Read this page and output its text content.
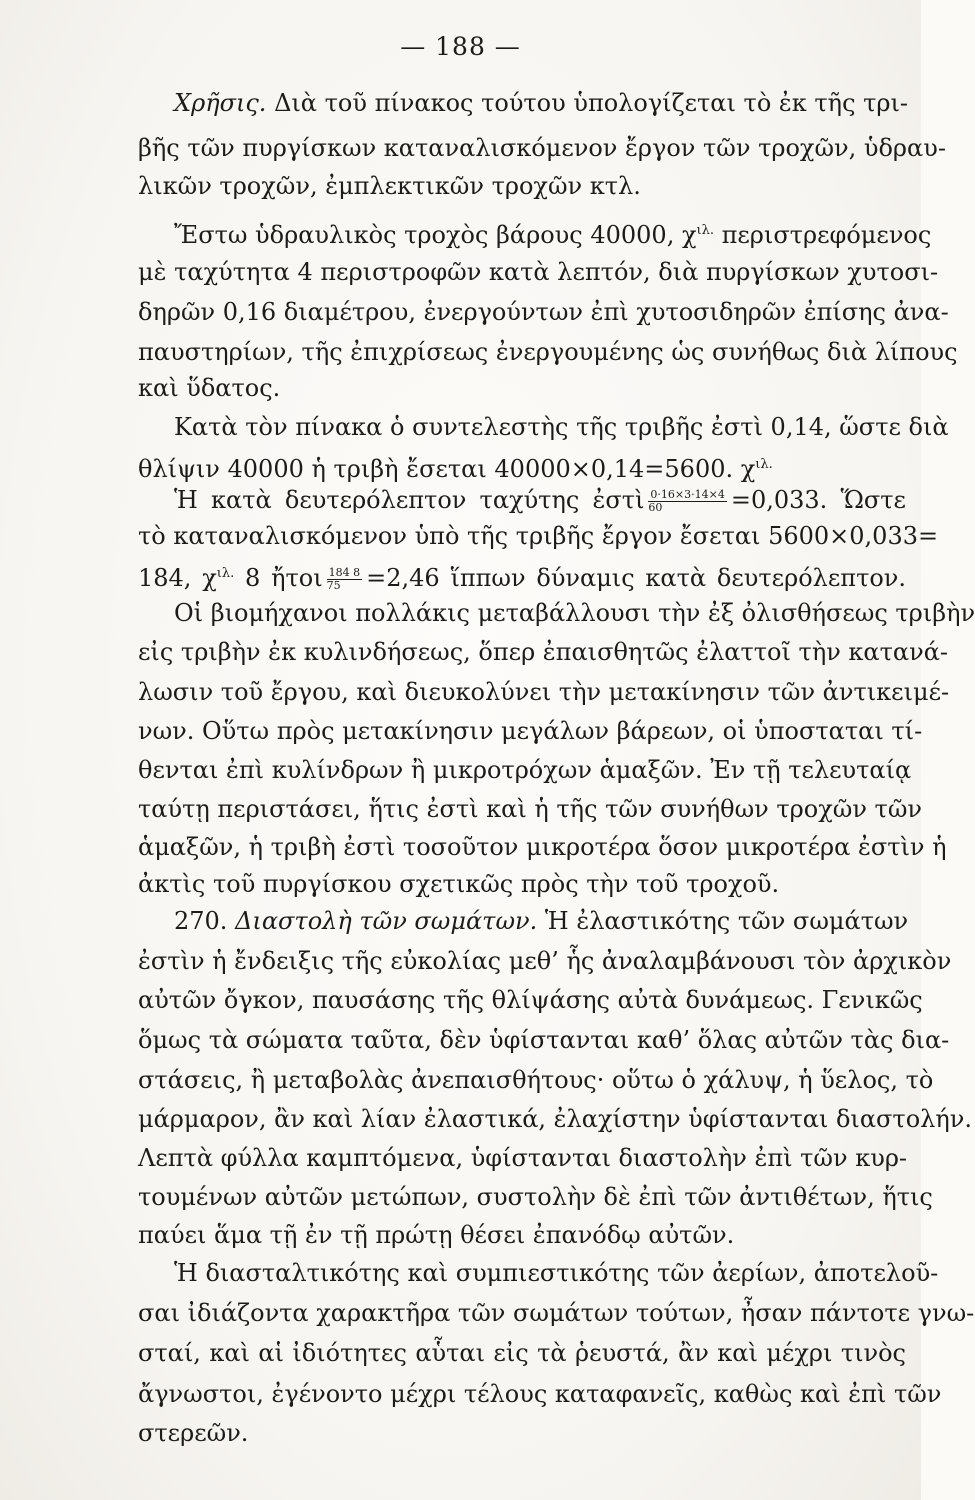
— 188 —
Χρῆσις. Διὰ τοῦ πίνακος τούτου ὑπολογίζεται τὸ ἐκ τῆς τρι-
βῆς τῶν πυργίσκων καταναλισκόμενον ἔργον τῶν τροχῶν, ὑδραυ-
λικῶν τροχῶν, ἐμπλεκτικῶν τροχῶν κτλ.
Ἔστω ὑδραυλικὸς τροχὸς βάρους 40000, $\chi^{\iota\lambda.}$ περιστρεφόμενος
μὲ ταχύτητα 4 περιστροφῶν κατὰ λεπτόν, διὰ πυργίσκων χυτοσι-
δηρῶν 0,16 διαμέτρου, ἐνεργούντων ἐπὶ χυτοσιδηρῶν ἐπίσης ἀνα-
παυστηρίων, τῆς ἐπιχρίσεως ἐνεργουμένης ὡς συνήθως διὰ λίπους
καὶ ὕδατος.
Κατὰ τὸν πίνακα ὁ συντελεστὴς τῆς τριβῆς ἐστὶ 0,14, ὥστε διὰ
θλίψιν 40000 ἡ τριβὴ ἔσεται 40000×0,14=5600. $\chi^{\iota\lambda.}$
Ἡ κατὰ δευτερόλεπτον ταχύτης ἐστὶ $\frac{0\cdot 16\times 3\cdot 14\times 4}{60} =0,033$. Ὥστε
τὸ καταναλισκόμενον ὑπὸ τῆς τριβῆς ἔργον ἔσεται 5600×0,033=
184, $\chi^{\iota\lambda.}$ 8 ἤτοι $\frac{184 8}{75} =2,46$ ἵππων δύναμις κατὰ δευτερόλεπτον.
Οἱ βιομήχανοι πολλάκις μεταβάλλουσι τὴν ἐξ ὀλισθήσεως τριβὴν
εἰς τριβὴν ἐκ κυλινδήσεως, ὅπερ ἐπαισθητῶς ἐλαττοῖ τὴν κατανά-
λωσιν τοῦ ἔργου, καὶ διευκολύνει τὴν μετακίνησιν τῶν ἀντικειμέ-
νων. Οὕτω πρὸς μετακίνησιν μεγάλων βάρεων, οἱ ὑποσταται τί-
θενται ἐπὶ κυλίνδρων ἢ μικροτρόχων ἁμαξῶν. Ἐν τῇ τελευταίᾳ
ταύτῃ περιστάσει, ἥτις ἐστὶ καὶ ἡ τῆς τῶν συνήθων τροχῶν τῶν
ἁμαξῶν, ἡ τριβὴ ἐστὶ τοσοῦτον μικροτέρα ὅσον μικροτέρα ἐστὶν ἡ
ἀκτὶς τοῦ πυργίσκου σχετικῶς πρὸς τὴν τοῦ τροχοῦ.
270. Διαστολὴ τῶν σωμάτων. Ἡ ἐλαστικότης τῶν σωμάτων
ἐστὶν ἡ ἔνδειξις τῆς εὐκολίας μεθ’ ἧς ἀναλαμβάνουσι τὸν ἀρχικὸν
αὐτῶν ὄγκον, παυσάσης τῆς θλίψάσης αὐτὰ δυνάμεως. Γενικῶς
ὅμως τὰ σώματα ταῦτα, δὲν ὑφίστανται καθ’ ὅλας αὐτῶν τὰς δια-
στάσεις, ἢ μεταβολὰς ἀνεπαισθήτους· οὕτω ὁ χάλυψ, ἡ ὕελος, τὸ
μάρμαρον, ἂν καὶ λίαν ἐλαστικά, ἐλαχίστην ὑφίστανται διαστολήν.
Λεπτὰ φύλλα καμπτόμενα, ὑφίστανται διαστολὴν ἐπὶ τῶν κυρ-
τουμένων αὐτῶν μετώπων, συστολὴν δὲ ἐπὶ τῶν ἀντιθέτων, ἥτις
παύει ἅμα τῇ ἐν τῇ πρώτῃ θέσει ἐπανόδῳ αὐτῶν.
Ἡ διασταλτικότης καὶ συμπιεστικότης τῶν ἀερίων, ἀποτελοῦ-
σαι ἰδιάζοντα χαρακτῆρα τῶν σωμάτων τούτων, ἦσαν πάντοτε γνω-
σταί, καὶ αἱ ἰδιότητες αὗται εἰς τὰ ῥευστά, ἂν καὶ μέχρι τινὸς
ἄγνωστοι, ἐγένοντο μέχρι τέλους καταφανεῖς, καθὼς καὶ ἐπὶ τῶν
στερεῶν.
